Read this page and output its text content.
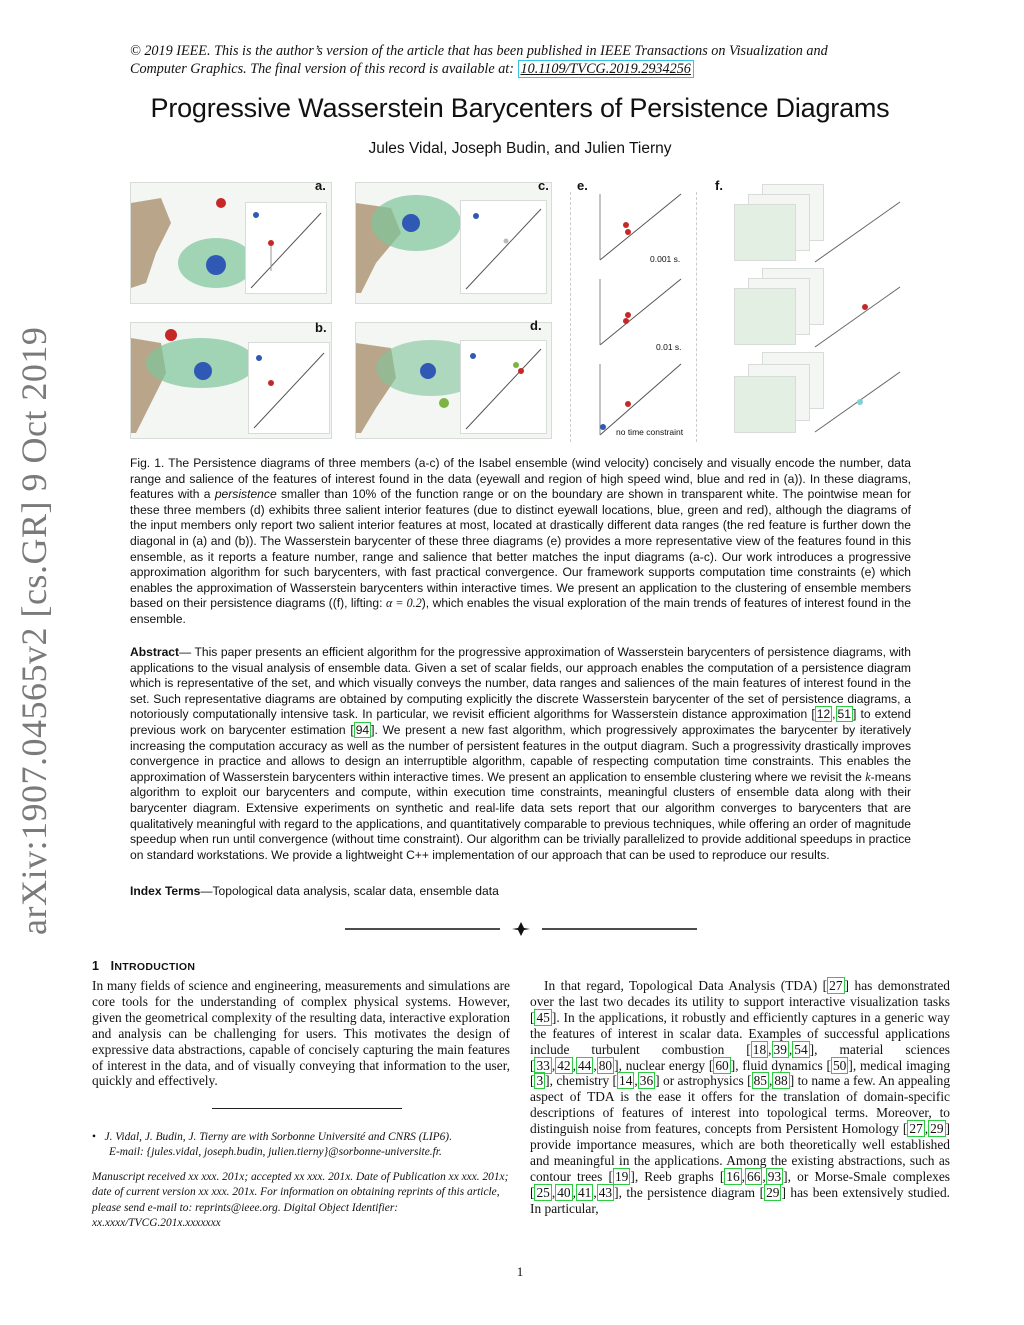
© 2019 IEEE. This is the author’s version of the article that has been published in IEEE Transactions on Visualization and
Computer Graphics. The final version of this record is available at: 10.1109/TVCG.2019.2934256
Progressive Wasserstein Barycenters of Persistence Diagrams
Jules Vidal, Joseph Budin, and Julien Tierny
arXiv:1907.04565v2 [cs.GR] 9 Oct 2019
a.	c.
b.	d.
e.
0.001 s.
0.01 s.
no time constraint
f.
Fig. 1. The Persistence diagrams of three members (a-c) of the Isabel ensemble (wind velocity) concisely and visually encode the number, data range and salience of the features of interest found in the data (eyewall and region of high speed wind, blue and red in (a)). In these diagrams, features with a persistence smaller than 10% of the function range or on the boundary are shown in transparent white. The pointwise mean for these three members (d) exhibits three salient interior features (due to distinct eyewall locations, blue, green and red), although the diagrams of the input members only report two salient interior features at most, located at drastically different data ranges (the red feature is further down the diagonal in (a) and (b)). The Wasserstein barycenter of these three diagrams (e) provides a more representative view of the features found in this ensemble, as it reports a feature number, range and salience that better matches the input diagrams (a-c). Our work introduces a progressive approximation algorithm for such barycenters, with fast practical convergence. Our framework supports computation time constraints (e) which enables the approximation of Wasserstein barycenters within interactive times. We present an application to the clustering of ensemble members based on their persistence diagrams ((f), lifting: α = 0.2), which enables the visual exploration of the main trends of features of interest found in the ensemble.
Abstract— This paper presents an efficient algorithm for the progressive approximation of Wasserstein barycenters of persistence diagrams, with applications to the visual analysis of ensemble data. Given a set of scalar fields, our approach enables the computation of a persistence diagram which is representative of the set, and which visually conveys the number, data ranges and saliences of the main features of interest found in the set. Such representative diagrams are obtained by computing explicitly the discrete Wasserstein barycenter of the set of persistence diagrams, a notoriously computationally intensive task. In particular, we revisit efficient algorithms for Wasserstein distance approximation [ 12 , 51 ] to extend previous work on barycenter estimation [ 94 ]. We present a new fast algorithm, which progressively approximates the barycenter by iteratively increasing the computation accuracy as well as the number of persistent features in the output diagram. Such a progressivity drastically improves convergence in practice and allows to design an interruptible algorithm, capable of respecting computation time constraints. This enables the approximation of Wasserstein barycenters within interactive times. We present an application to ensemble clustering where we revisit the k-means algorithm to exploit our barycenters and compute, within execution time constraints, meaningful clusters of ensemble data along with their barycenter diagram. Extensive experiments on synthetic and real-life data sets report that our algorithm converges to barycenters that are qualitatively meaningful with regard to the applications, and quantitatively comparable to previous techniques, while offering an order of magnitude speedup when run until convergence (without time constraint). Our algorithm can be trivially parallelized to provide additional speedups in practice on standard workstations. We provide a lightweight C++ implementation of our approach that can be used to reproduce our results.
Index Terms—Topological data analysis, scalar data, ensemble data
1 INTRODUCTION
In many fields of science and engineering, measurements and simulations are core tools for the understanding of complex physical systems. However, given the geometrical complexity of the resulting data, interactive exploration and analysis can be challenging for users. This motivates the design of expressive data abstractions, capable of concisely capturing the main features of interest in the data, and of visually conveying that information to the user, quickly and effectively.
• J. Vidal, J. Budin, J. Tierny are with Sorbonne Université and CNRS (LIP6).
E-mail: {jules.vidal, joseph.budin, julien.tierny}@sorbonne-universite.fr.
Manuscript received xx xxx. 201x; accepted xx xxx. 201x. Date of Publication xx xxx. 201x; date of current version xx xxx. 201x. For information on obtaining reprints of this article, please send e-mail to: reprints@ieee.org. Digital Object Identifier: xx.xxxx/TVCG.201x.xxxxxxx
In that regard, Topological Data Analysis (TDA) [ 27 ] has demonstrated over the last two decades its utility to support interactive visualization tasks [ 45 ]. In the applications, it robustly and efficiently captures in a generic way the features of interest in scalar data. Examples of successful applications include turbulent combustion [ 18 , 39 , 54 ], material sciences [ 33 , 42 , 44 , 80 ], nuclear energy [ 60 ], fluid dynamics [ 50 ], medical imaging [ 3 ], chemistry [ 14 , 36 ] or astrophysics [ 85 , 88 ] to name a few. An appealing aspect of TDA is the ease it offers for the translation of domain-specific descriptions of features of interest into topological terms. Moreover, to distinguish noise from features, concepts from Persistent Homology [ 27 , 29 ] provide importance measures, which are both theoretically well established and meaningful in the applications. Among the existing abstractions, such as contour trees [ 19 ], Reeb graphs [ 16 , 66 , 93 ], or Morse-Smale complexes [ 25 , 40 , 41 , 43 ], the persistence diagram [ 29 ] has been extensively studied. In particular,
1
